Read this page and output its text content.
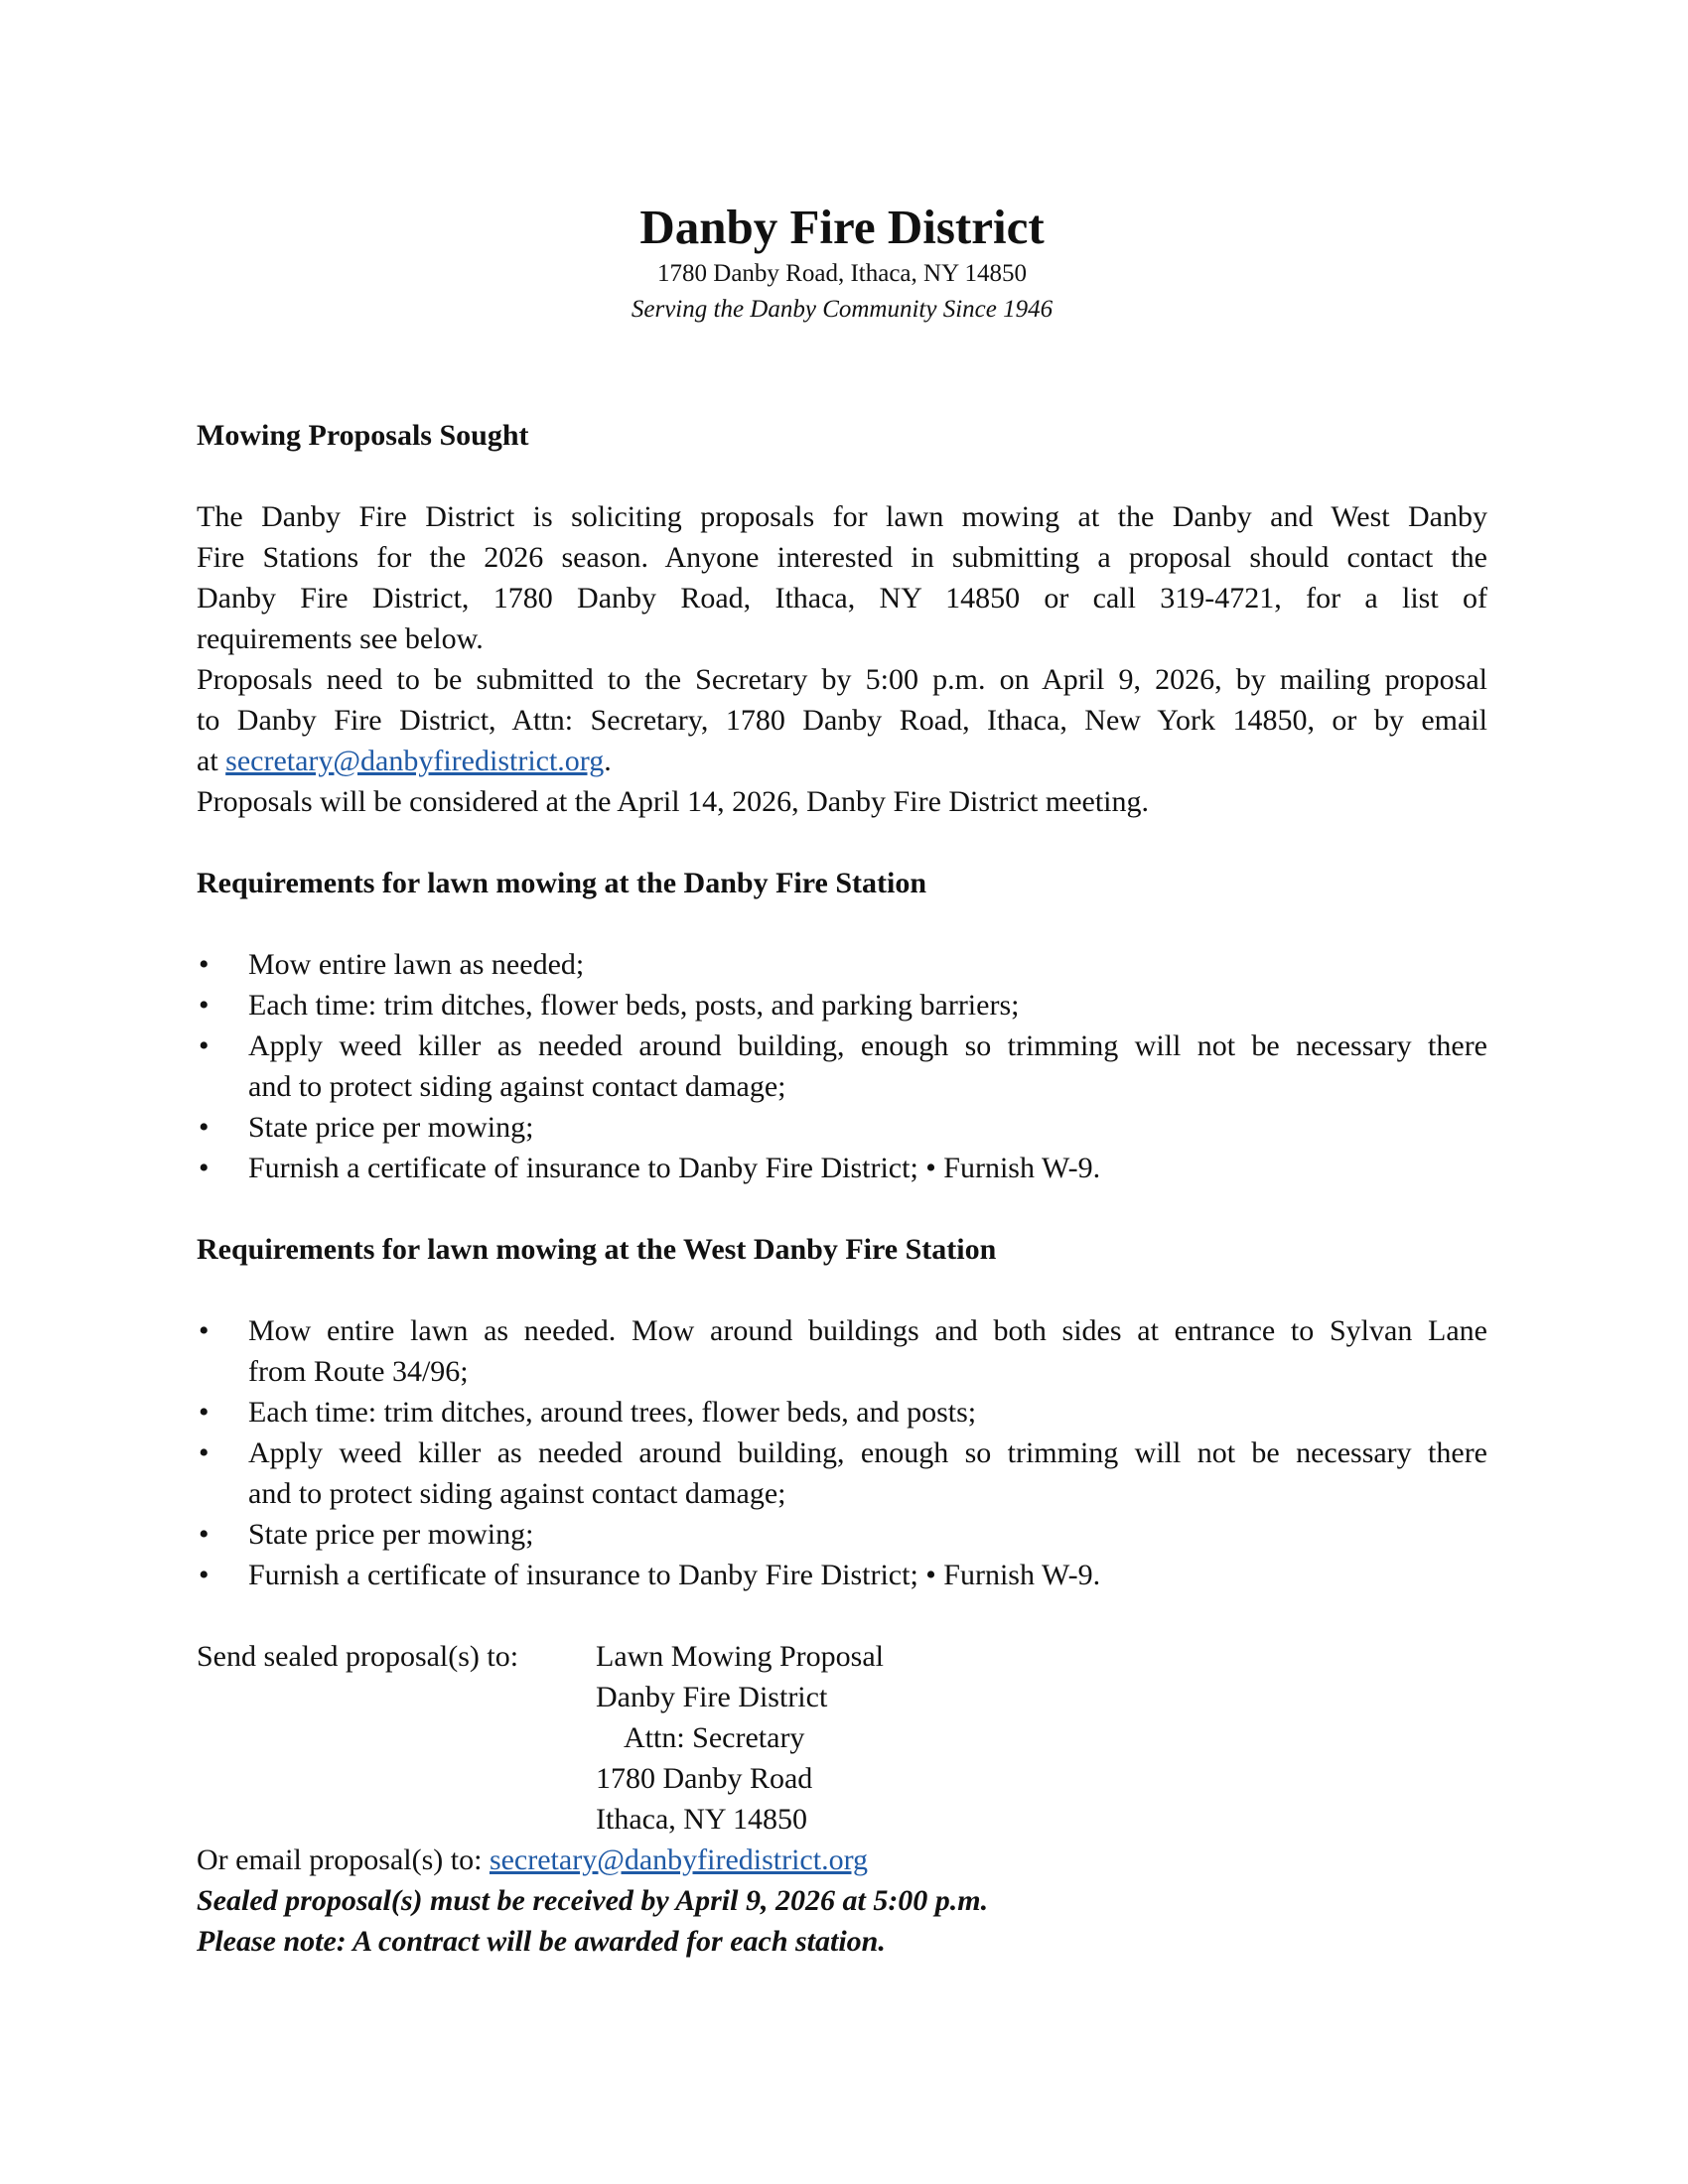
Danby Fire District

1780 Danby Road, Ithaca, NY 14850

Serving the Danby Community Since 1946

Mowing Proposals Sought

The Danby Fire District is soliciting proposals for lawn mowing at the Danby and West Danby
Fire Stations for the 2026 season. Anyone interested in submitting a proposal should contact the
Danby Fire District, 1780 Danby Road, Ithaca, NY 14850 or call 319-4721, for a list of
requirements see below.

Proposals need to be submitted to the Secretary by 5:00 p.m. on April 9, 2026, by mailing proposal
to Danby Fire District, Attn: Secretary, 1780 Danby Road, Ithaca, New York 14850, or by email
at secretary@danbyfiredistrict.org.

Proposals will be considered at the April 14, 2026, Danby Fire District meeting.

Requirements for lawn mowing at the Danby Fire Station

•	Mow entire lawn as needed;
•	Each time: trim ditches, flower beds, posts, and parking barriers;
•	Apply weed killer as needed around building, enough so trimming will not be necessary there
and to protect siding against contact damage;
•	State price per mowing;
•	Furnish a certificate of insurance to Danby Fire District; • Furnish W-9.

Requirements for lawn mowing at the West Danby Fire Station

•	Mow entire lawn as needed. Mow around buildings and both sides at entrance to Sylvan Lane
from Route 34/96;
•	Each time: trim ditches, around trees, flower beds, and posts;
•	Apply weed killer as needed around building, enough so trimming will not be necessary there
and to protect siding against contact damage;
•	State price per mowing;
•	Furnish a certificate of insurance to Danby Fire District; • Furnish W-9.
Send sealed proposal(s) to:	Lawn Mowing Proposal
Danby Fire District
Attn: Secretary
1780 Danby Road
Ithaca, NY 14850
Or email proposal(s) to: secretary@danbyfiredistrict.org

Sealed proposal(s) must be received by April 9, 2026 at 5:00 p.m.

Please note: A contract will be awarded for each station.
